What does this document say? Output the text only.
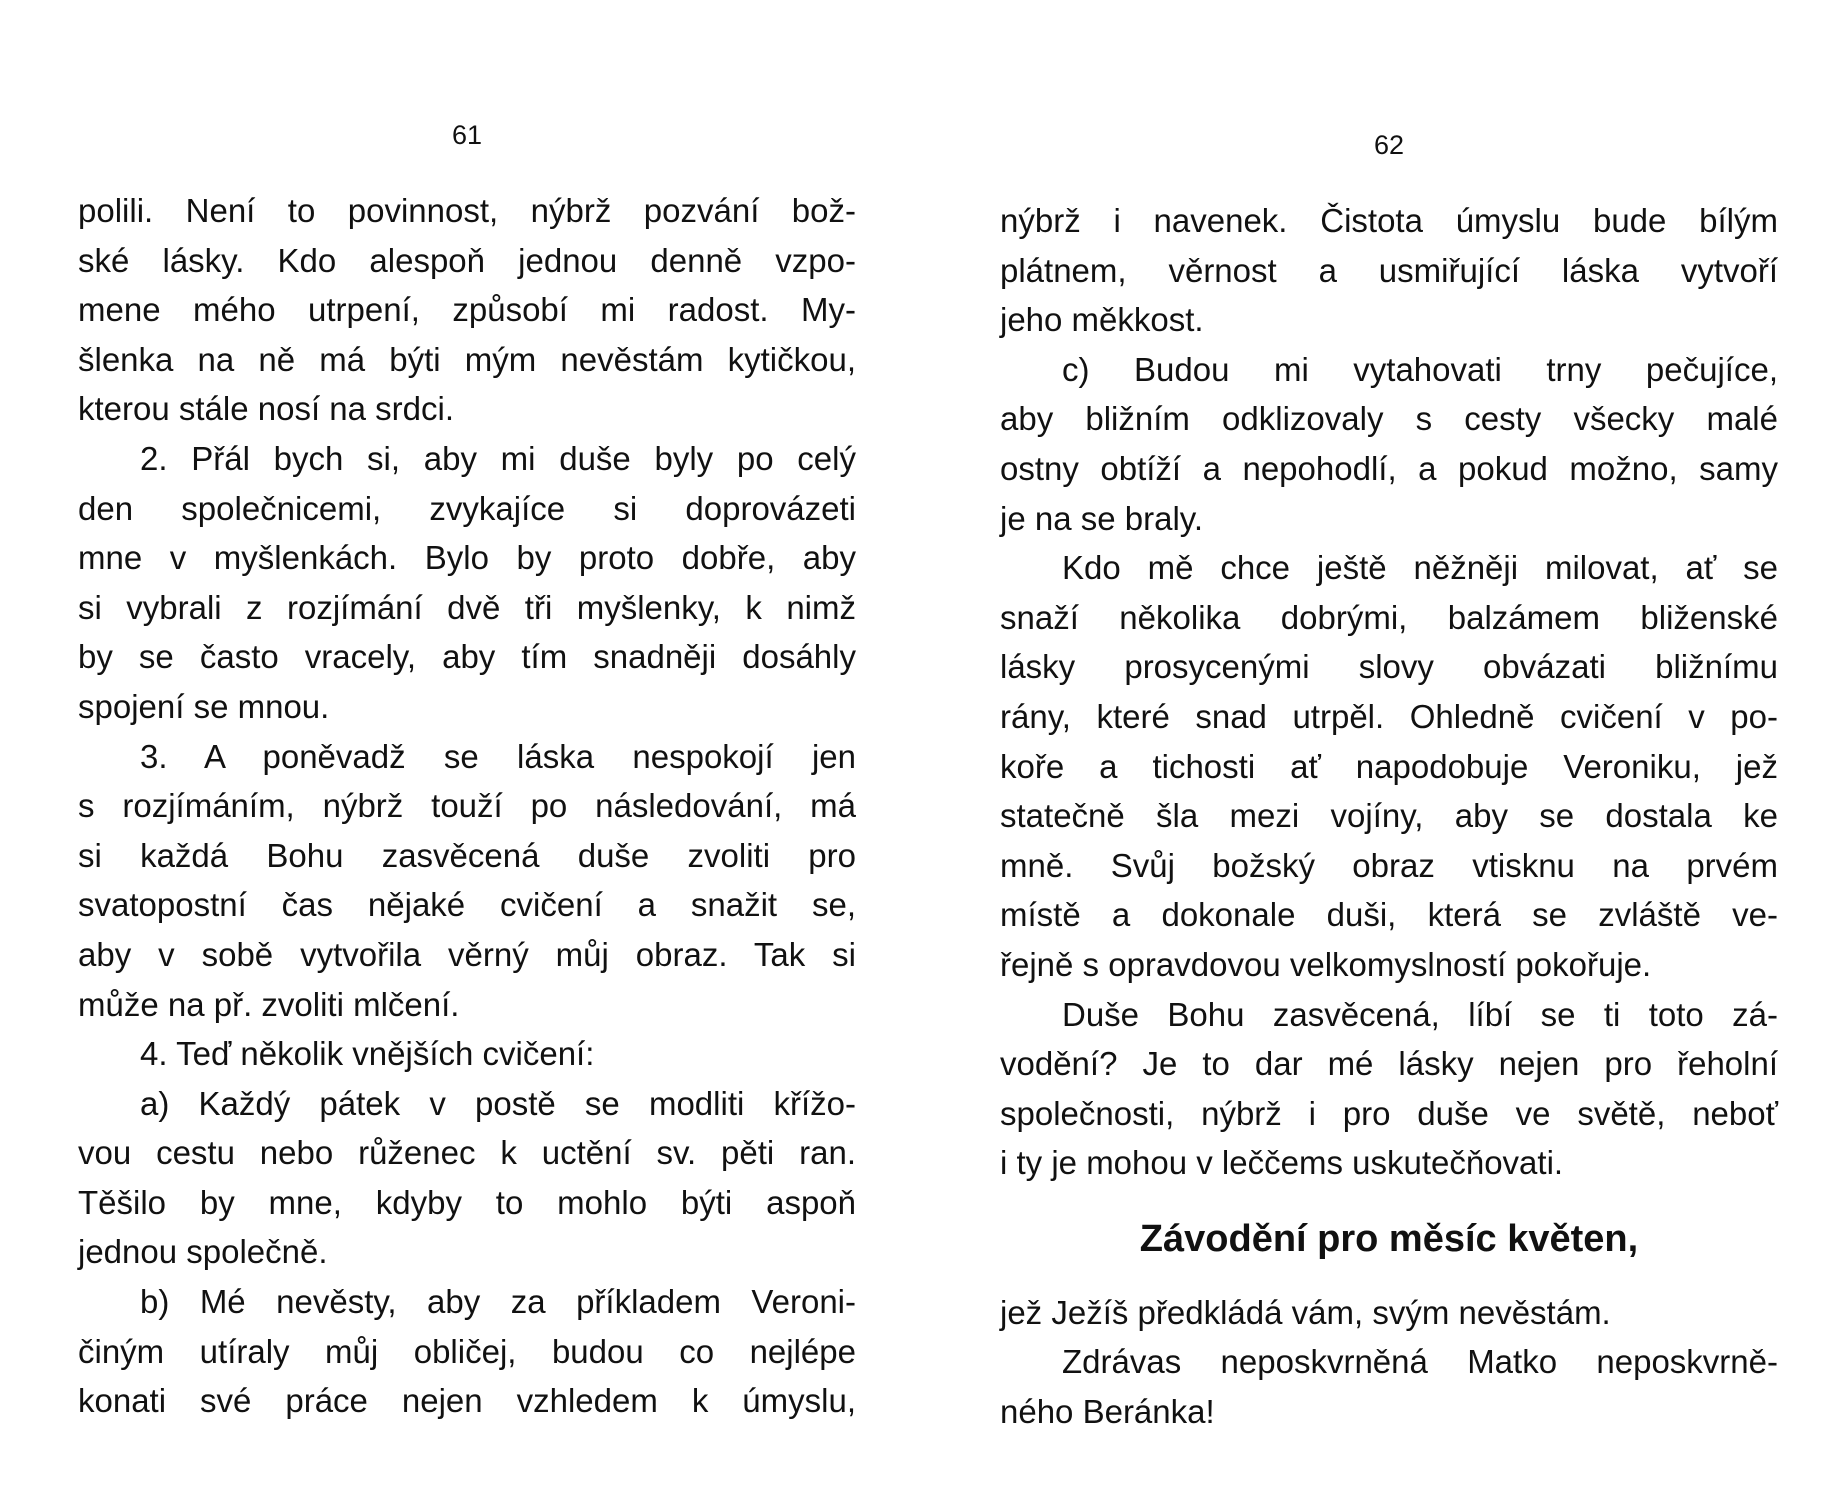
61
polili. Není to povinnost, nýbrž pozvání bož-
ské lásky. Kdo alespoň jednou denně vzpo-
mene mého utrpení, způsobí mi radost. My-
šlenka na ně má býti mým nevěstám kytičkou,
kterou stále nosí na srdci.
2. Přál bych si, aby mi duše byly po celý
den společnicemi, zvykajíce si doprovázeti
mne v myšlenkách. Bylo by proto dobře, aby
si vybrali z rozjímání dvě tři myšlenky, k nimž
by se často vracely, aby tím snadněji dosáhly
spojení se mnou.
3. A poněvadž se láska nespokojí jen
s rozjímáním, nýbrž touží po následování, má
si každá Bohu zasvěcená duše zvoliti pro
svatopostní čas nějaké cvičení a snažit se,
aby v sobě vytvořila věrný můj obraz. Tak si
může na př. zvoliti mlčení.
4. Teď několik vnějších cvičení:
a) Každý pátek v postě se modliti křížo-
vou cestu nebo růženec k uctění sv. pěti ran.
Těšilo by mne, kdyby to mohlo býti aspoň
jednou společně.
b) Mé nevěsty, aby za příkladem Veroni-
činým utíraly můj obličej, budou co nejlépe
konati své práce nejen vzhledem k úmyslu,
62
nýbrž i navenek. Čistota úmyslu bude bílým
plátnem, věrnost a usmiřující láska vytvoří
jeho měkkost.
c) Budou mi vytahovati trny pečujíce,
aby bližním odklizovaly s cesty všecky malé
ostny obtíží a nepohodlí, a pokud možno, samy
je na se braly.
Kdo mě chce ještě něžněji milovat, ať se
snaží několika dobrými, balzámem bliženské
lásky prosycenými slovy obvázati bližnímu
rány, které snad utrpěl. Ohledně cvičení v po-
koře a tichosti ať napodobuje Veroniku, jež
statečně šla mezi vojíny, aby se dostala ke
mně. Svůj božský obraz vtisknu na prvém
místě a dokonale duši, která se zvláště ve-
řejně s opravdovou velkomyslností pokořuje.
Duše Bohu zasvěcená, líbí se ti toto zá-
vodění? Je to dar mé lásky nejen pro řeholní
společnosti, nýbrž i pro duše ve světě, neboť
i ty je mohou v leččems uskutečňovati.
Závodění pro měsíc květen,
jež Ježíš předkládá vám, svým nevěstám.
Zdrávas neposkvrněná Matko neposkvrně-
ného Beránka!
